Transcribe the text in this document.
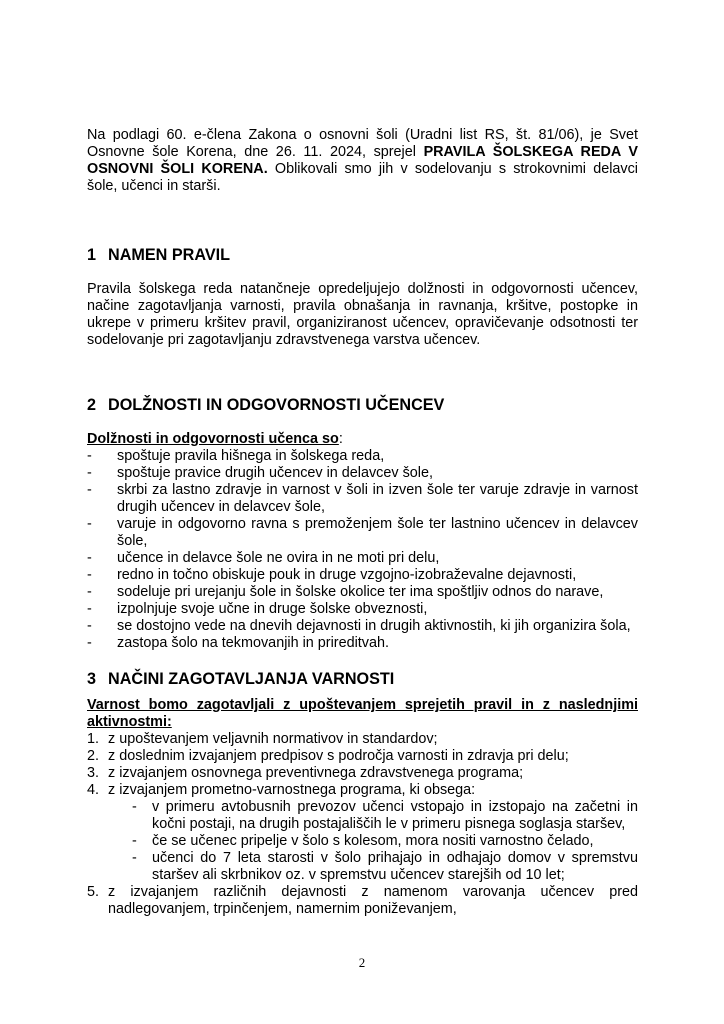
Na podlagi 60. e-člena Zakona o osnovni šoli (Uradni list RS, št. 81/06), je Svet Osnovne šole Korena, dne 26. 11. 2024, sprejel PRAVILA ŠOLSKEGA REDA V OSNOVNI ŠOLI KORENA. Oblikovali smo jih v sodelovanju s strokovnimi delavci šole, učenci in starši.

1 NAMEN PRAVIL

Pravila šolskega reda natančneje opredeljujejo dolžnosti in odgovornosti učencev, načine zagotavljanja varnosti, pravila obnašanja in ravnanja, kršitve, postopke in ukrepe v primeru kršitev pravil, organiziranost učencev, opravičevanje odsotnosti ter sodelovanje pri zagotavljanju zdravstvenega varstva učencev.

2 DOLŽNOSTI IN ODGOVORNOSTI UČENCEV

Dolžnosti in odgovornosti učenca so:

- spoštuje pravila hišnega in šolskega reda,
- spoštuje pravice drugih učencev in delavcev šole,
- skrbi za lastno zdravje in varnost v šoli in izven šole ter varuje zdravje in varnost drugih učencev in delavcev šole,
- varuje in odgovorno ravna s premoženjem šole ter lastnino učencev in delavcev šole,
- učence in delavce šole ne ovira in ne moti pri delu,
- redno in točno obiskuje pouk in druge vzgojno-izobraževalne dejavnosti,
- sodeluje pri urejanju šole in šolske okolice ter ima spoštljiv odnos do narave,
- izpolnjuje svoje učne in druge šolske obveznosti,
- se dostojno vede na dnevih dejavnosti in drugih aktivnostih, ki jih organizira šola,
- zastopa šolo na tekmovanjih in prireditvah.
3 NAČINI ZAGOTAVLJANJA VARNOSTI

Varnost bomo zagotavljali z upoštevanjem sprejetih pravil in z naslednjimi aktivnostmi:

1. z upoštevanjem veljavnih normativov in standardov;
2. z doslednim izvajanjem predpisov s področja varnosti in zdravja pri delu;
3. z izvajanjem osnovnega preventivnega zdravstvenega programa;
4. z izvajanjem prometno-varnostnega programa, ki obsega:
- v primeru avtobusnih prevozov učenci vstopajo in izstopajo na začetni in kočni postaji, na drugih postajališčih le v primeru pisnega soglasja staršev,
- če se učenec pripelje v šolo s kolesom, mora nositi varnostno čelado,
- učenci do 7 leta starosti v šolo prihajajo in odhajajo domov v spremstvu staršev ali skrbnikov oz. v spremstvu učencev starejših od 10 let;
5. z izvajanjem različnih dejavnosti z namenom varovanja učencev pred nadlegovanjem, trpinčenjem, namernim poniževanjem,
2
